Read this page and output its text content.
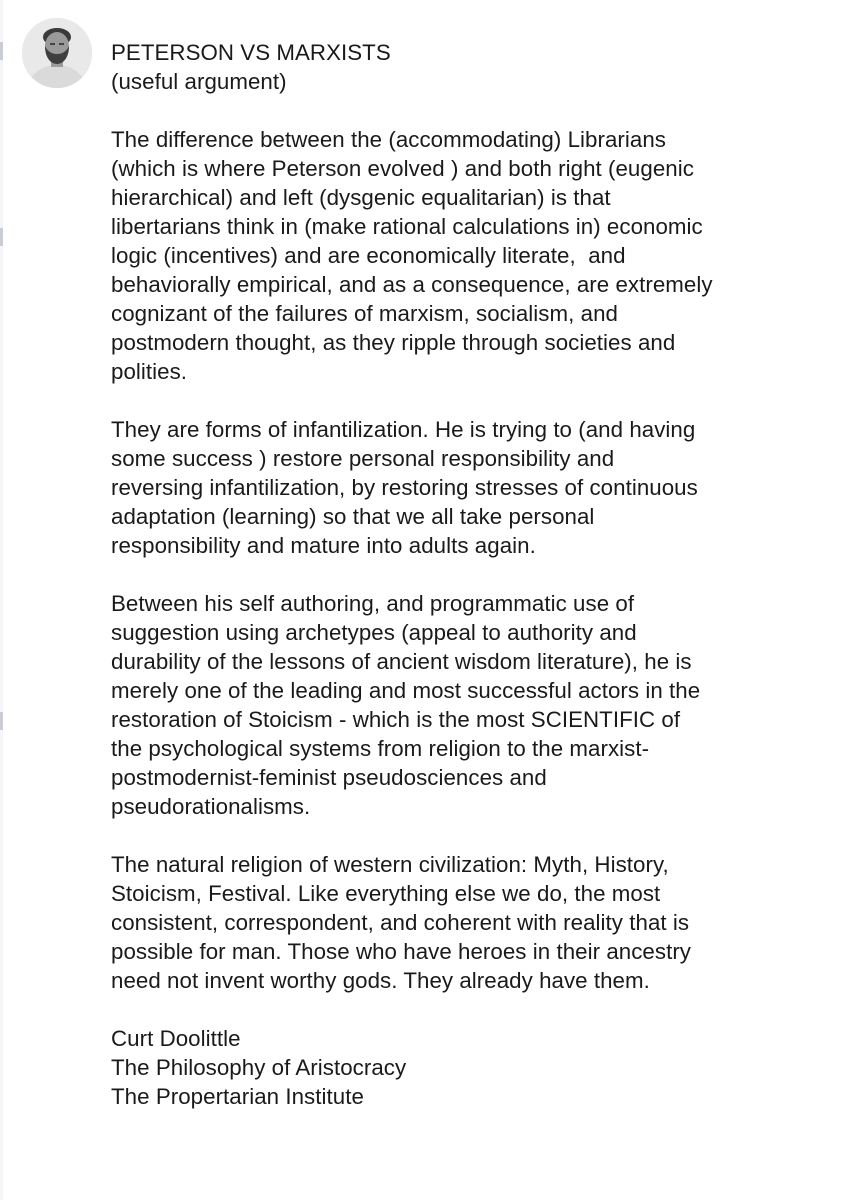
PETERSON VS MARXISTS
(useful argument)
The difference between the (accommodating) Librarians
(which is where Peterson evolved ) and both right (eugenic
hierarchical) and left (dysgenic equalitarian) is that
libertarians think in (make rational calculations in) economic
logic (incentives) and are economically literate,  and
behaviorally empirical, and as a consequence, are extremely
cognizant of the failures of marxism, socialism, and
postmodern thought, as they ripple through societies and
polities.
They are forms of infantilization. He is trying to (and having
some success ) restore personal responsibility and
reversing infantilization, by restoring stresses of continuous
adaptation (learning) so that we all take personal
responsibility and mature into adults again.
Between his self authoring, and programmatic use of
suggestion using archetypes (appeal to authority and
durability of the lessons of ancient wisdom literature), he is
merely one of the leading and most successful actors in the
restoration of Stoicism - which is the most SCIENTIFIC of
the psychological systems from religion to the marxist-
postmodernist-feminist pseudosciences and
pseudorationalisms.
The natural religion of western civilization: Myth, History,
Stoicism, Festival. Like everything else we do, the most
consistent, correspondent, and coherent with reality that is
possible for man. Those who have heroes in their ancestry
need not invent worthy gods. They already have them.
Curt Doolittle
The Philosophy of Aristocracy
The Propertarian Institute
